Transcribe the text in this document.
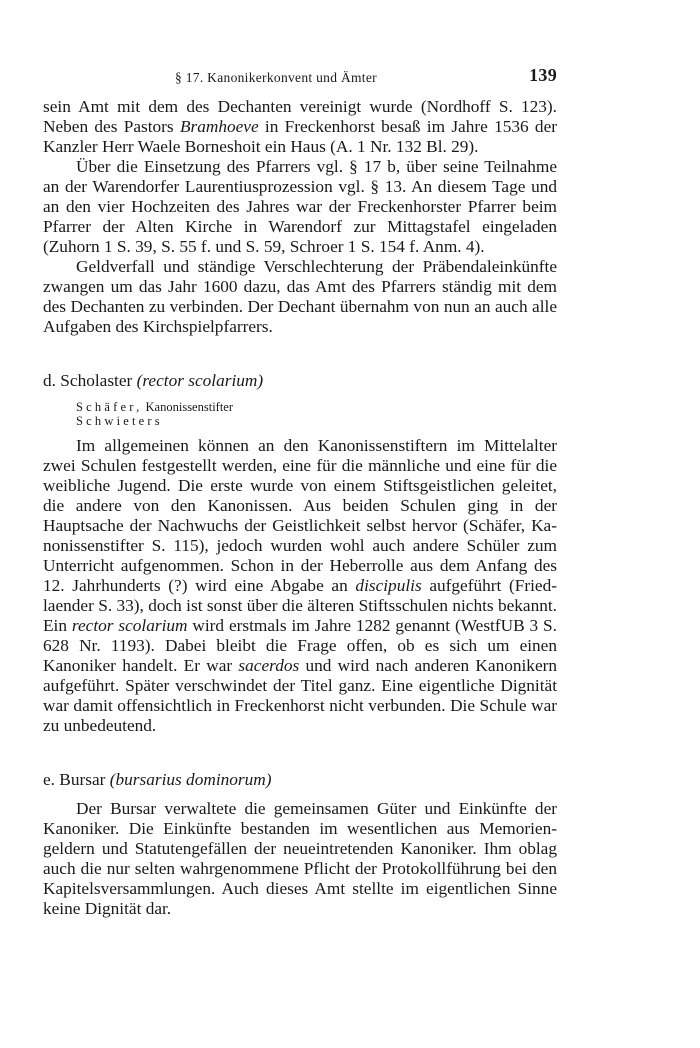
§ 17. Kanonikerkonvent und Ämter	139

sein Amt mit dem des Dechanten vereinigt wurde (Nordhoff S. 123). Neben des Pastors Bramhoeve in Freckenhorst besaß im Jahre 1536 der Kanzler Herr Waele Borneshoit ein Haus (A. 1 Nr. 132 Bl. 29).

Über die Einsetzung des Pfarrers vgl. § 17 b, über seine Teilnahme an der Warendorfer Laurentiusprozession vgl. § 13. An diesem Tage und an den vier Hochzeiten des Jahres war der Freckenhorster Pfarrer beim Pfarrer der Alten Kirche in Warendorf zur Mittagstafel eingeladen (Zuhorn 1 S. 39, S. 55 f. und S. 59, Schroer 1 S. 154 f. Anm. 4).

Geldverfall und ständige Verschlechterung der Präbendaleinkünfte zwangen um das Jahr 1600 dazu, das Amt des Pfarrers ständig mit dem des Dechanten zu verbinden. Der Dechant übernahm von nun an auch alle Aufgaben des Kirchspielpfarrers.

d. Scholaster (rector scolarium)
Schäfer, Kanonissenstifter
Schwieters

Im allgemeinen können an den Kanonissenstiftern im Mittelalter zwei Schulen festgestellt werden, eine für die männliche und eine für die weibliche Jugend. Die erste wurde von einem Stiftsgeistlichen geleitet, die andere von den Kanonissen. Aus beiden Schulen ging in der Hauptsache der Nachwuchs der Geistlichkeit selbst hervor (Schäfer, Kanonissenstifter S. 115), jedoch wurden wohl auch andere Schüler zum Unterricht aufgenommen. Schon in der Heberrolle aus dem Anfang des 12. Jahrhunderts (?) wird eine Abgabe an discipulis aufgeführt (Friedlaender S. 33), doch ist sonst über die älteren Stiftsschulen nichts bekannt. Ein rector scolarium wird erstmals im Jahre 1282 genannt (WestfUB 3 S. 628 Nr. 1193). Dabei bleibt die Frage offen, ob es sich um einen Kanoniker handelt. Er war sacerdos und wird nach anderen Kanonikern aufgeführt. Später verschwindet der Titel ganz. Eine eigentliche Dignität war damit offensichtlich in Freckenhorst nicht verbunden. Die Schule war zu unbedeutend.

e. Bursar (bursarius dominorum)

Der Bursar verwaltete die gemeinsamen Güter und Einkünfte der Kanoniker. Die Einkünfte bestanden im wesentlichen aus Memoriengeldern und Statutengefällen der neueintretenden Kanoniker. Ihm oblag auch die nur selten wahrgenommene Pflicht der Protokollführung bei den Kapitelsversammlungen. Auch dieses Amt stellte im eigentlichen Sinne keine Dignität dar.
